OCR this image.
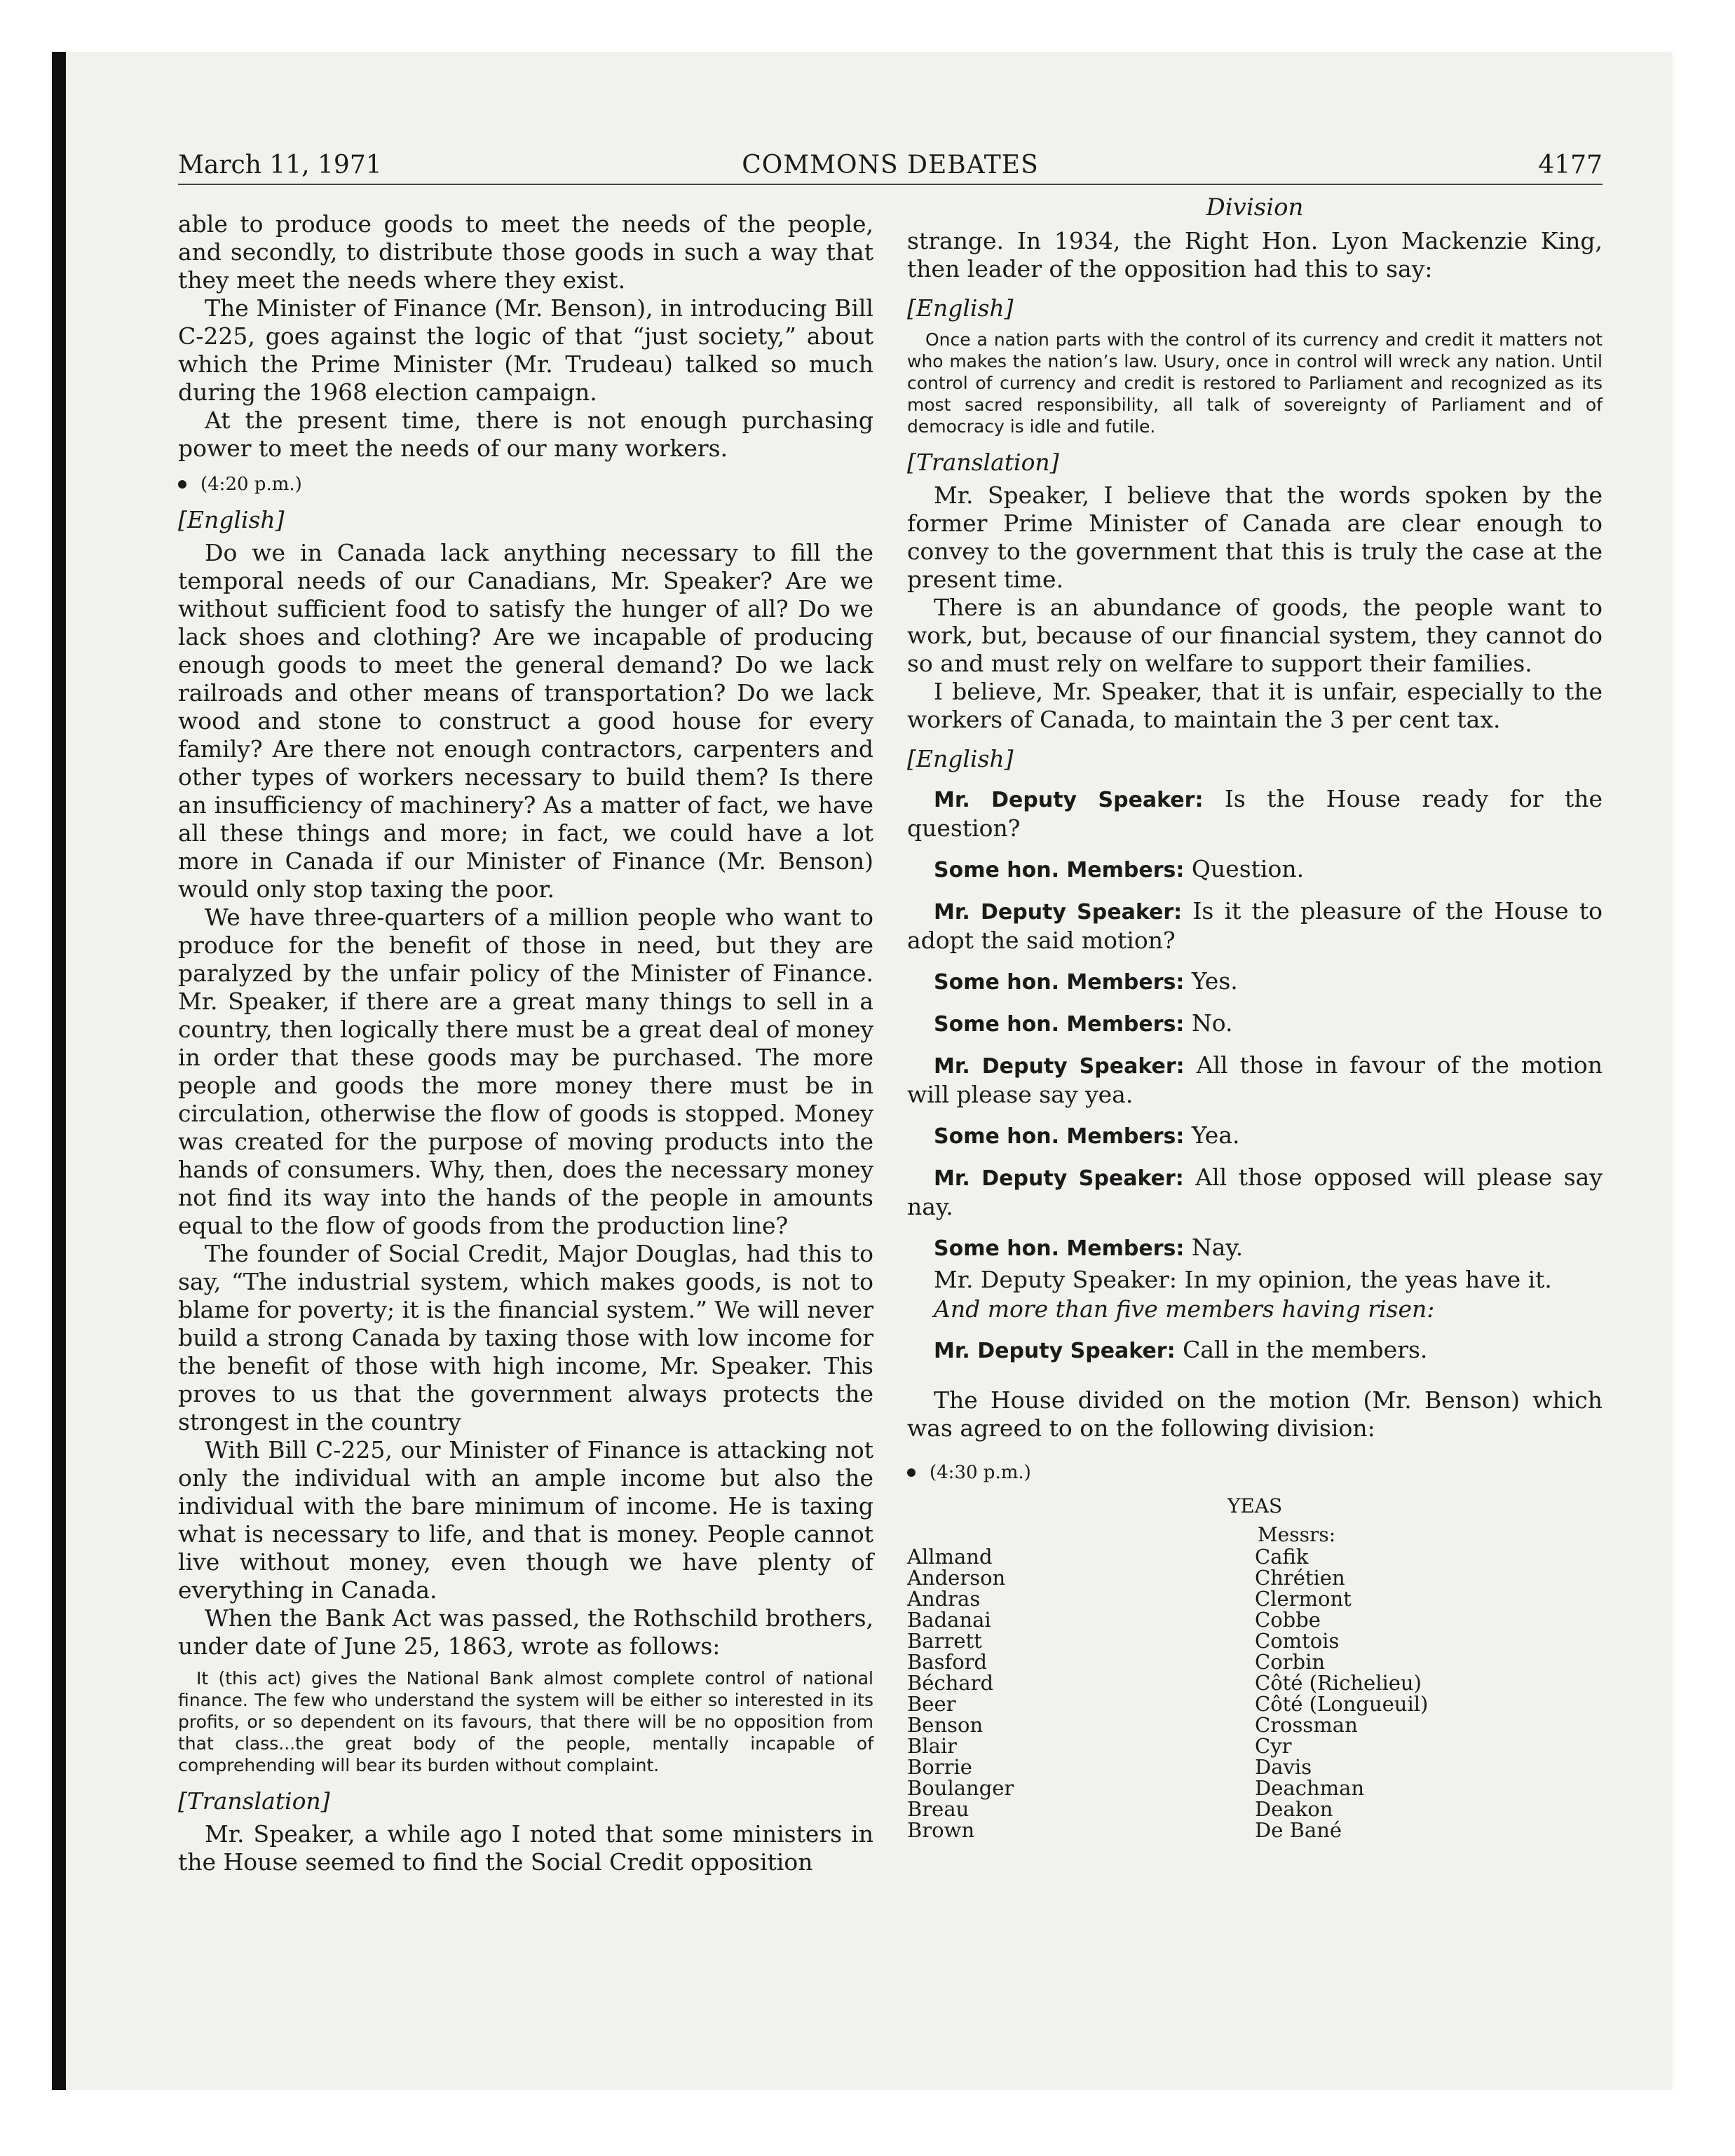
March 11, 1971	COMMONS DEBATES	4177

able to produce goods to meet the needs of the people, and secondly, to distribute those goods in such a way that they meet the needs where they exist.

The Minister of Finance (Mr. Benson), in introducing Bill C-225, goes against the logic of that “just society,” about which the Prime Minister (Mr. Trudeau) talked so much during the 1968 election campaign.

At the present time, there is not enough purchasing power to meet the needs of our many workers.

(4:20 p.m.)
[English]

Do we in Canada lack anything necessary to fill the temporal needs of our Canadians, Mr. Speaker? Are we without sufficient food to satisfy the hunger of all? Do we lack shoes and clothing? Are we incapable of producing enough goods to meet the general demand? Do we lack railroads and other means of transportation? Do we lack wood and stone to construct a good house for every family? Are there not enough contractors, carpenters and other types of workers necessary to build them? Is there an insufficiency of machinery? As a matter of fact, we have all these things and more; in fact, we could have a lot more in Canada if our Minister of Finance (Mr. Benson) would only stop taxing the poor.

We have three-quarters of a million people who want to produce for the benefit of those in need, but they are paralyzed by the unfair policy of the Minister of Finance. Mr. Speaker, if there are a great many things to sell in a country, then logically there must be a great deal of money in order that these goods may be purchased. The more people and goods the more money there must be in circulation, otherwise the flow of goods is stopped. Money was created for the purpose of moving products into the hands of consumers. Why, then, does the necessary money not find its way into the hands of the people in amounts equal to the flow of goods from the production line?

The founder of Social Credit, Major Douglas, had this to say, “The industrial system, which makes goods, is not to blame for poverty; it is the financial system.” We will never build a strong Canada by taxing those with low income for the benefit of those with high income, Mr. Speaker. This proves to us that the government always protects the strongest in the country

With Bill C-225, our Minister of Finance is attacking not only the individual with an ample income but also the individual with the bare minimum of income. He is taxing what is necessary to life, and that is money. People cannot live without money, even though we have plenty of everything in Canada.

When the Bank Act was passed, the Rothschild brothers, under date of June 25, 1863, wrote as follows:

It (this act) gives the National Bank almost complete control of national finance. The few who understand the system will be either so interested in its profits, or so dependent on its favours, that there will be no opposition from that class...the great body of the people, mentally incapable of comprehending will bear its burden without complaint.
[Translation]

Mr. Speaker, a while ago I noted that some ministers in the House seemed to find the Social Credit opposition

Division

strange. In 1934, the Right Hon. Lyon Mackenzie King, then leader of the opposition had this to say:

[English]
Once a nation parts with the control of its currency and credit it matters not who makes the nation’s law. Usury, once in control will wreck any nation. Until control of currency and credit is restored to Parliament and recognized as its most sacred responsibility, all talk of sovereignty of Parliament and of democracy is idle and futile.
[Translation]

Mr. Speaker, I believe that the words spoken by the former Prime Minister of Canada are clear enough to convey to the government that this is truly the case at the present time.

There is an abundance of goods, the people want to work, but, because of our financial system, they cannot do so and must rely on welfare to support their families.

I believe, Mr. Speaker, that it is unfair, especially to the workers of Canada, to maintain the 3 per cent tax.

[English]

Mr. Deputy Speaker: Is the House ready for the question?

Some hon. Members: Question.

Mr. Deputy Speaker: Is it the pleasure of the House to adopt the said motion?

Some hon. Members: Yes.

Some hon. Members: No.

Mr. Deputy Speaker: All those in favour of the motion will please say yea.

Some hon. Members: Yea.

Mr. Deputy Speaker: All those opposed will please say nay.

Some hon. Members: Nay.

Mr. Deputy Speaker: In my opinion, the yeas have it.

And more than five members having risen:

Mr. Deputy Speaker: Call in the members.

The House divided on the motion (Mr. Benson) which was agreed to on the following division:

(4:30 p.m.)
YEAS
Messrs:
Allmand
Anderson
Andras
Badanai
Barrett
Basford
Béchard
Beer
Benson
Blair
Borrie
Boulanger
Breau
Brown
Cafik
Chrétien
Clermont
Cobbe
Comtois
Corbin
Côté (Richelieu)
Côté (Longueuil)
Crossman
Cyr
Davis
Deachman
Deakon
De Bané
